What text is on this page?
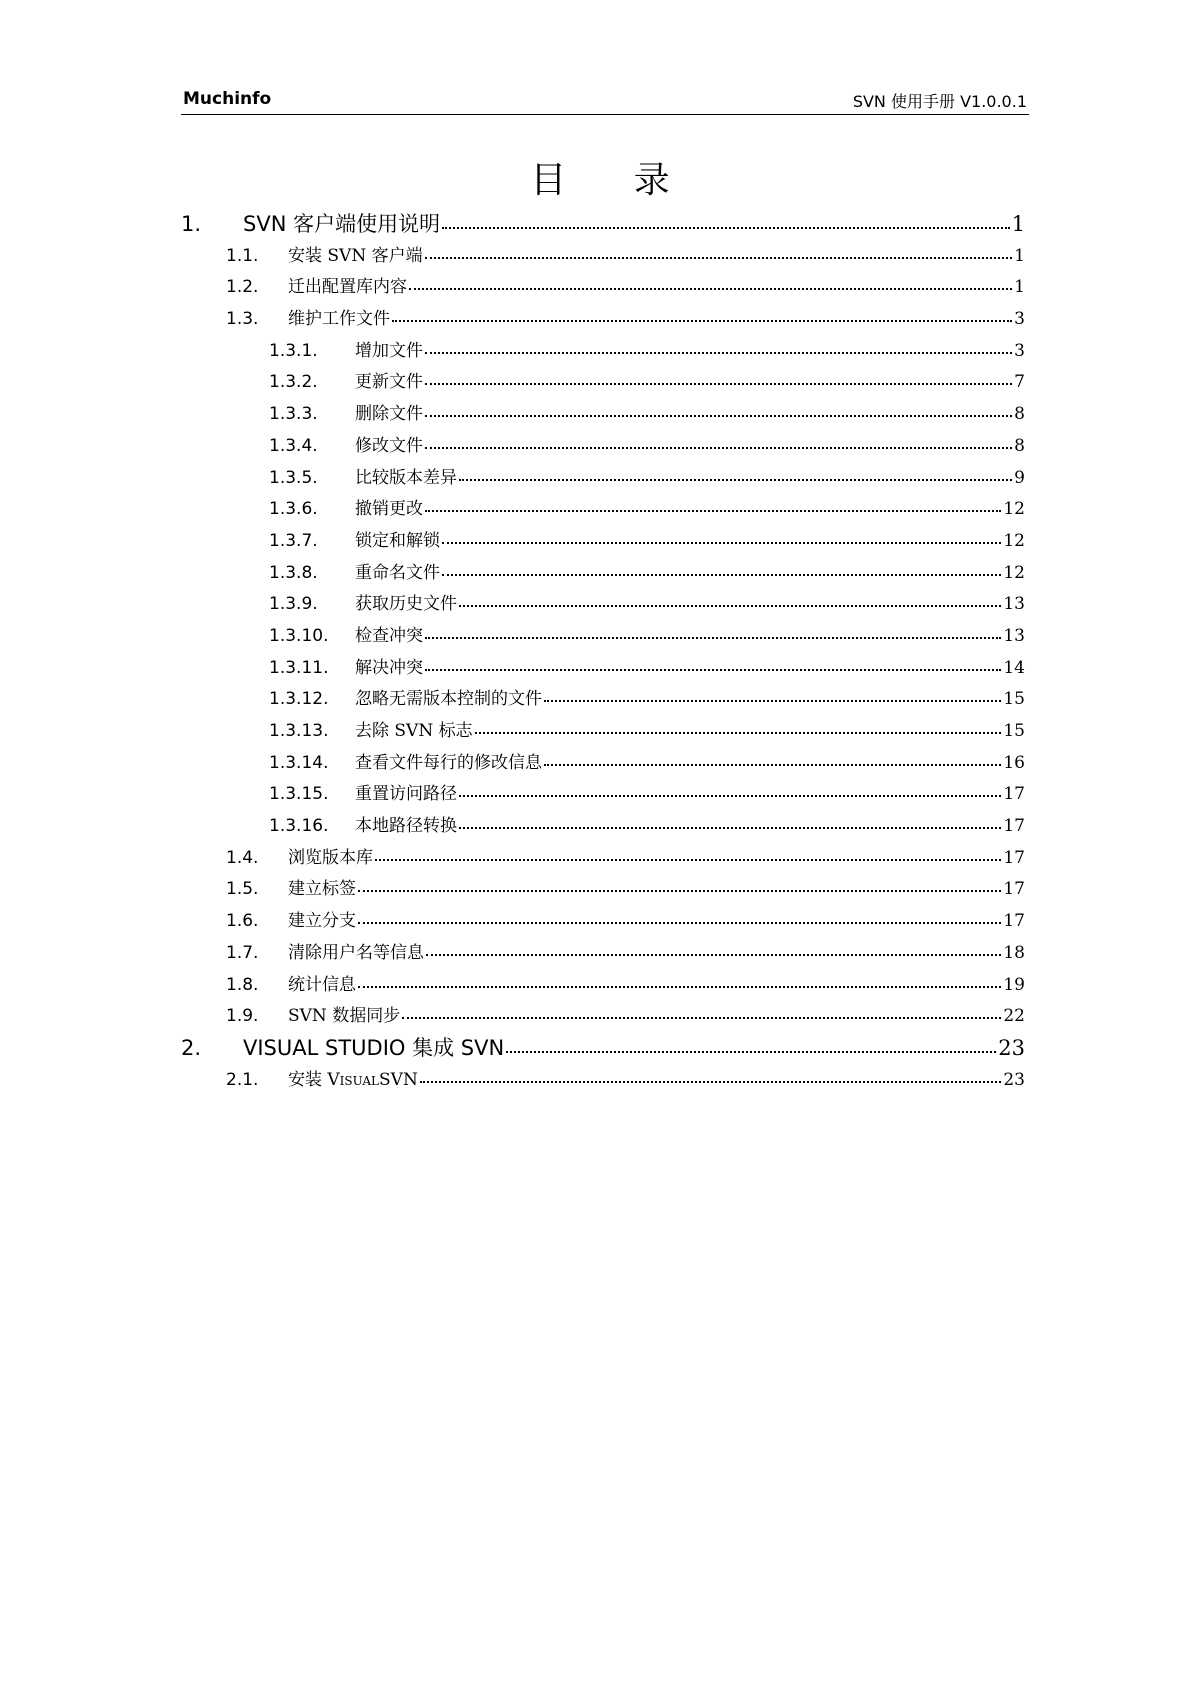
Muchinfo	SVN 使用手册 V1.0.0.1
目 录
1.	SVN 客户端使用说明	1
1.1.	安装 SVN 客户端	1
1.2.	迁出配置库内容	1
1.3.	维护工作文件	3
1.3.1.	增加文件	3
1.3.2.	更新文件	7
1.3.3.	删除文件	8
1.3.4.	修改文件	8
1.3.5.	比较版本差异	9
1.3.6.	撤销更改	12
1.3.7.	锁定和解锁	12
1.3.8.	重命名文件	12
1.3.9.	获取历史文件	13
1.3.10.	检查冲突	13
1.3.11.	解决冲突	14
1.3.12.	忽略无需版本控制的文件	15
1.3.13.	去除 SVN 标志	15
1.3.14.	查看文件每行的修改信息	16
1.3.15.	重置访问路径	17
1.3.16.	本地路径转换	17
1.4.	浏览版本库	17
1.5.	建立标签	17
1.6.	建立分支	17
1.7.	清除用户名等信息	18
1.8.	统计信息	19
1.9.	SVN 数据同步	22
2.	VISUAL STUDIO 集成 SVN	23
2.1.	安装 VisualSVN	23
